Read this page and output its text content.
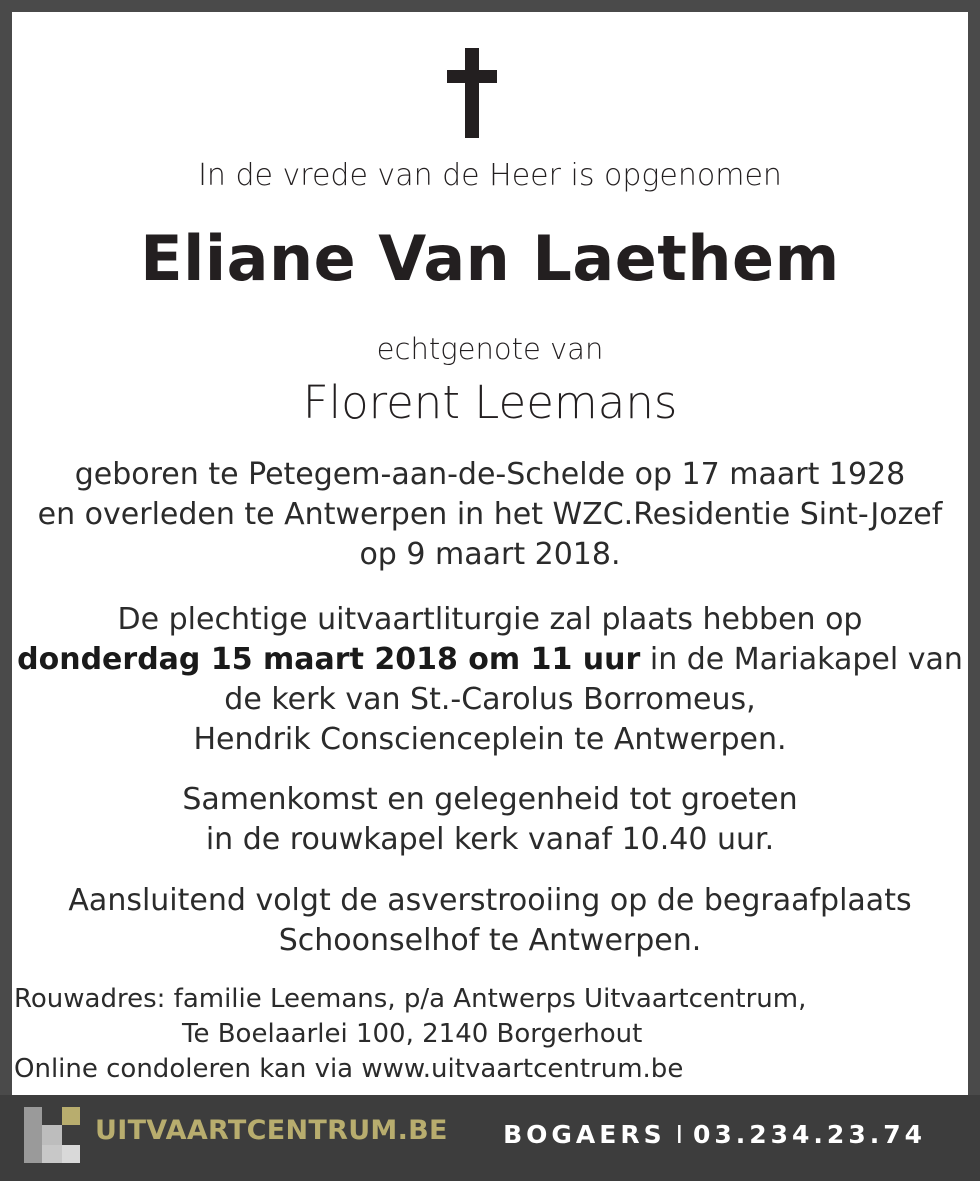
In de vrede van de Heer is opgenomen
Eliane Van Laethem
echtgenote van
Florent Leemans
geboren te Petegem-aan-de-Schelde op 17 maart 1928
en overleden te Antwerpen in het WZC.Residentie Sint-Jozef
op 9 maart 2018.
De plechtige uitvaartliturgie zal plaats hebben op
donderdag 15 maart 2018 om 11 uur in de Mariakapel van
de kerk van St.-Carolus Borromeus,
Hendrik Conscienceplein te Antwerpen.
Samenkomst en gelegenheid tot groeten
in de rouwkapel kerk vanaf 10.40 uur.
Aansluitend volgt de asverstrooiing op de begraafplaats
Schoonselhof te Antwerpen.
Rouwadres: familie Leemans, p/a Antwerps Uitvaartcentrum,
Te Boelaarlei 100, 2140 Borgerhout
Online condoleren kan via www.uitvaartcentrum.be
UITVAARTCENTRUM.BE BOGAERS I 03.234.23.74
